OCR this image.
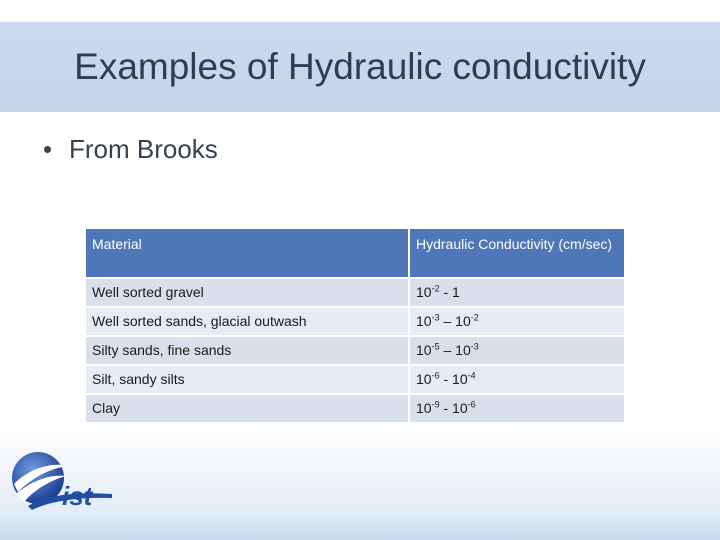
Examples of Hydraulic conductivity
From Brooks
Material	Hydraulic Conductivity (cm/sec)
Well sorted gravel	$10^{-2} - 1$
Well sorted sands, glacial outwash	$10^{-3} - 10^{-2}$
Silty sands, fine sands	$10^{-5} - 10^{-3}$
Silt, sandy silts	$10^{-6} - 10^{-4}$
Clay	$10^{-9} - 10^{-6}$
ist
